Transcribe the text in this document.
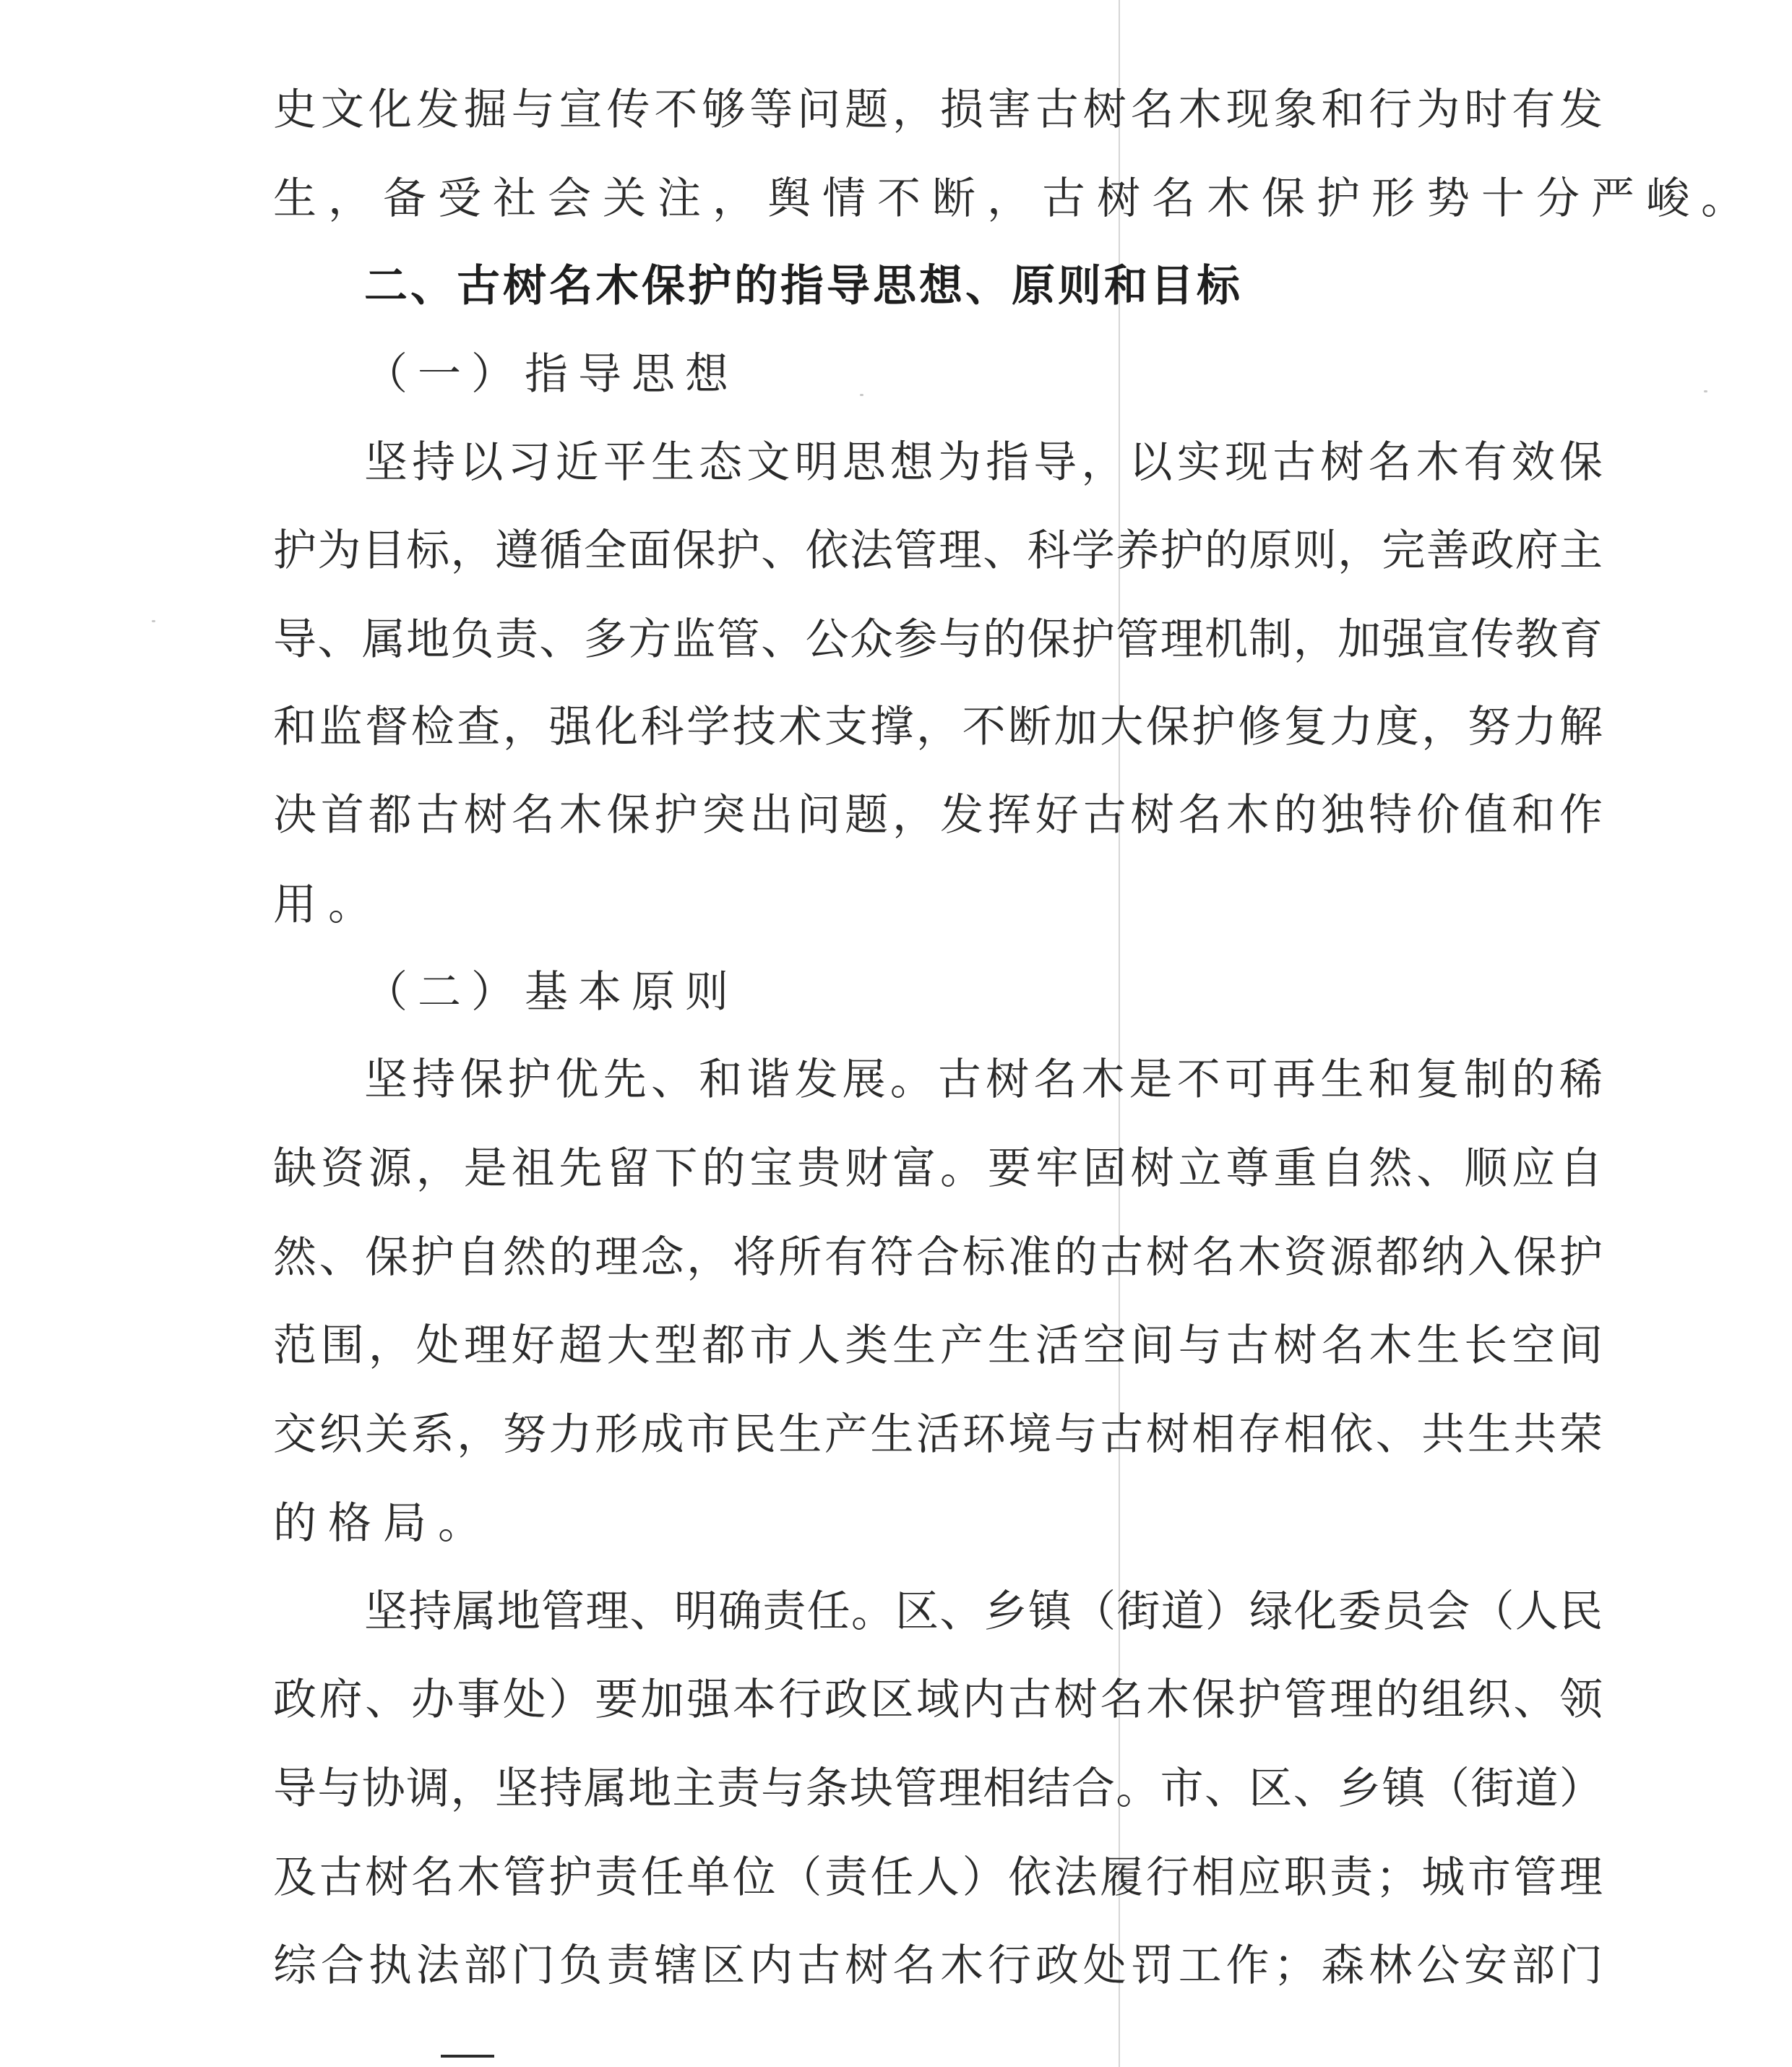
史文化发掘与宣传不够等问题，损害古树名木现象和行为时有发
生，备受社会关注，舆情不断，古树名木保护形势十分严峻。
二、古树名木保护的指导思想、原则和目标
（一）指导思想
坚持以习近平生态文明思想为指导，以实现古树名木有效保
护为目标，遵循全面保护、依法管理、科学养护的原则，完善政府主
导、属地负责、多方监管、公众参与的保护管理机制，加强宣传教育
和监督检查，强化科学技术支撑，不断加大保护修复力度，努力解
决首都古树名木保护突出问题，发挥好古树名木的独特价值和作
用。
（二）基本原则
坚持保护优先、和谐发展。古树名木是不可再生和复制的稀
缺资源，是祖先留下的宝贵财富。要牢固树立尊重自然、顺应自
然、保护自然的理念，将所有符合标准的古树名木资源都纳入保护
范围，处理好超大型都市人类生产生活空间与古树名木生长空间
交织关系，努力形成市民生产生活环境与古树相存相依、共生共荣
的格局。
坚持属地管理、明确责任。区、乡镇（街道）绿化委员会（人民
政府、办事处）要加强本行政区域内古树名木保护管理的组织、领
导与协调，坚持属地主责与条块管理相结合。市、区、乡镇（街道）
及古树名木管护责任单位（责任人）依法履行相应职责；城市管理
综合执法部门负责辖区内古树名木行政处罚工作；森林公安部门
